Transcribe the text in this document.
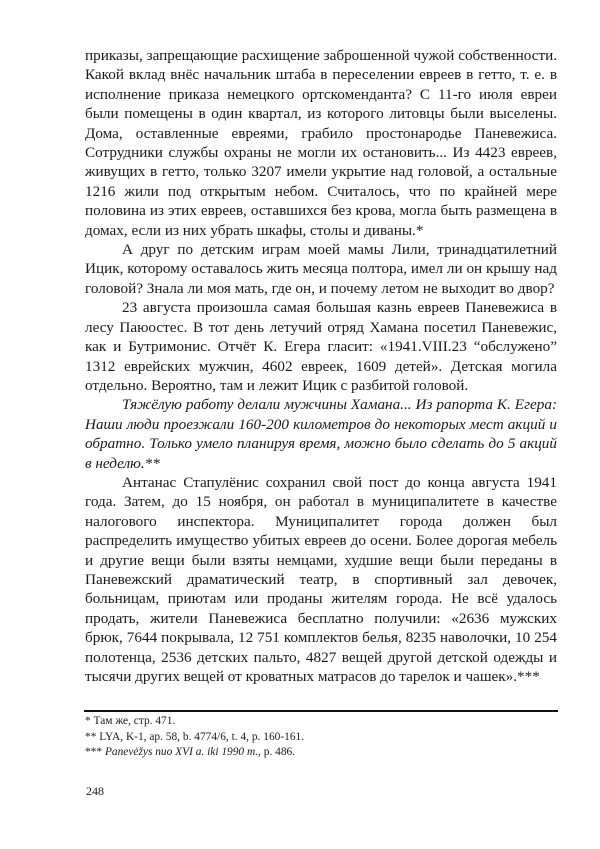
приказы, запрещающие расхищение заброшенной чужой собственности. Какой вклад внёс начальник штаба в переселении евреев в гетто, т. е. в исполнение приказа немецкого ортскоменданта? С 11-го июля евреи были помещены в один квартал, из которого литовцы были выселены. Дома, оставленные евреями, грабило простонародье Паневежиса. Сотрудники службы охраны не могли их остановить... Из 4423 евреев, живущих в гетто, только 3207 имели укрытие над головой, а остальные 1216 жили под открытым небом. Считалось, что по крайней мере половина из этих евреев, оставшихся без крова, могла быть размещена в домах, если из них убрать шкафы, столы и диваны.*

А друг по детским играм моей мамы Лили, тринадцатилетний Ицик, которому оставалось жить месяца полтора, имел ли он крышу над головой? Знала ли моя мать, где он, и почему летом не выходит во двор?

23 августа произошла самая большая казнь евреев Паневежиса в лесу Паюостес. В тот день летучий отряд Хамана посетил Паневежис, как и Бутримонис. Отчёт К. Егера гласит: «1941.VIII.23 “обслужено” 1312 еврейских мужчин, 4602 евреек, 1609 детей». Детская могила отдельно. Вероятно, там и лежит Ицик с разбитой головой.

Тяжёлую работу делали мужчины Хамана... Из рапорта К. Егера: Наши люди проезжали 160-200 километров до некоторых мест акций и обратно. Только умело планируя время, можно было сделать до 5 акций в неделю.**

Антанас Стапулёнис сохранил свой пост до конца августа 1941 года. Затем, до 15 ноября, он работал в муниципалитете в качестве налогового инспектора. Муниципалитет города должен был распределить имущество убитых евреев до осени. Более дорогая мебель и другие вещи были взяты немцами, худшие вещи были переданы в Паневежский драматический театр, в спортивный зал девочек, больницам, приютам или проданы жителям города. Не всё удалось продать, жители Паневежиса бесплатно получили: «2636 мужских брюк, 7644 покрывала, 12 751 комплектов белья, 8235 наволочки, 10 254 полотенца, 2536 детских пальто, 4827 вещей другой детской одежды и тысячи других вещей от кроватных матрасов до тарелок и чашек».***

* Там же, стр. 471.
** LYA, K-1, ap. 58, b. 4774/6, t. 4, p. 160-161.
*** Panevėžys nuo XVI a. iki 1990 m., p. 486.
248
